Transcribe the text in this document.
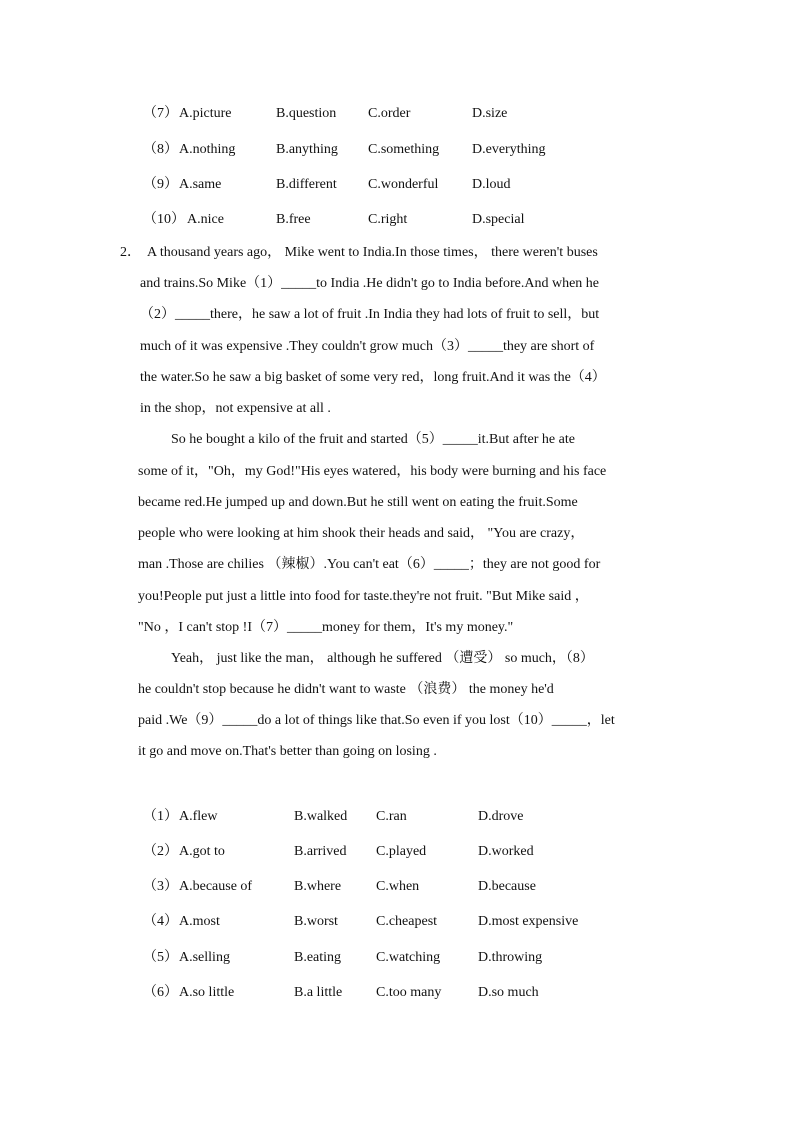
（7） A.picture	B.question C.order	D.size
（8） A.nothing	B.anything C.something D.everything
（9） A.same	B.different C.wonderful D.loud
（10） A.nice	B.free	C.right	D.special
2． A thousand years ago， Mike went to India.In those times， there weren't buses
and trains.So Mike（1）_____to India .He didn't go to India before.And when he
（2）_____there，he saw a lot of fruit .In India they had lots of fruit to sell，but
much of it was expensive .They couldn't grow much（3）_____they are short of
the water.So he saw a big basket of some very red，long fruit.And it was the（4）
in the shop，not expensive at all .
So he bought a kilo of the fruit and started（5）_____it.But after he ate
some of it，"Oh，my God!"His eyes watered，his body were burning and his face
became red.He jumped up and down.But he still went on eating the fruit.Some
people who were looking at him shook their heads and said， "You are crazy，
man .Those are chilies （辣椒）.You can't eat（6）_____；they are not good for
you!People put just a little into food for taste.they're not fruit. "But Mike said ，
"No ，I can't stop !I（7）_____money for them，It's my money."
Yeah， just like the man， although he suffered （遭受） so much，（8）
he couldn't stop because he didn't want to waste （浪费） the money he'd
paid .We（9）_____do a lot of things like that.So even if you lost（10）_____，let
it go and move on.That's better than going on losing .
（1） A.flew	B.walked C.ran	D.drove
（2） A.got to	B.arrived C.played	D.worked
（3） A.because of	B.where C.when	D.because
（4） A.most	B.worst	C.cheapest	D.most expensive
（5） A.selling	B.eating C.watching	D.throwing
（6） A.so little	B.a little C.too many	D.so much
